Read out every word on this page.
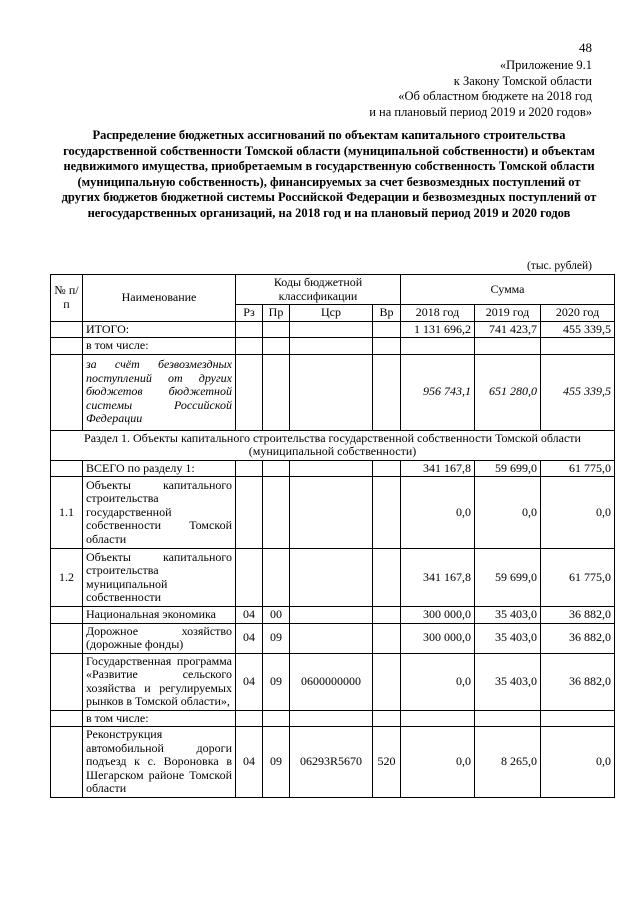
48
«Приложение 9.1
к Закону Томской области
«Об областном бюджете на 2018 год
и на плановый период 2019 и 2020 годов»
Распределение бюджетных ассигнований по объектам капитального строительства государственной собственности Томской области (муниципальной собственности) и объектам недвижимого имущества, приобретаемым в государственную собственность Томской области (муниципальную собственность), финансируемых за счет безвозмездных поступлений от других бюджетов бюджетной системы Российской Федерации и безвозмездных поступлений от негосударственных организаций, на 2018 год и на плановый период 2019 и 2020 годов
(тыс. рублей)
№ п/п	Наименование	Коды бюджетной классификации				Сумма		
		Рз	Пр	Цср	Вр	2018 год	2019 год	2020 год
	ИТОГО:					1 131 696,2	741 423,7	455 339,5
	в том числе:							
	за счёт безвозмездных поступлений от других бюджетов бюджетной системы Российской Федерации					956 743,1	651 280,0	455 339,5
Раздел 1. Объекты капитального строительства государственной собственности Томской области (муниципальной собственности)								
	ВСЕГО по разделу 1:					341 167,8	59 699,0	61 775,0
1.1	Объекты капитального строительства государственной собственности Томской области					0,0	0,0	0,0
1.2	Объекты капитального строительства муниципальной собственности					341 167,8	59 699,0	61 775,0
	Национальная экономика	04	00			300 000,0	35 403,0	36 882,0
	Дорожное хозяйство (дорожные фонды)	04	09			300 000,0	35 403,0	36 882,0
	Государственная программа «Развитие сельского хозяйства и регулируемых рынков в Томской области»,	04	09	0600000000		0,0	35 403,0	36 882,0
	в том числе:							
	Реконструкция автомобильной дороги подъезд к с. Вороновка в Шегарском районе Томской области	04	09	06293R5670	520	0,0	8 265,0	0,0
